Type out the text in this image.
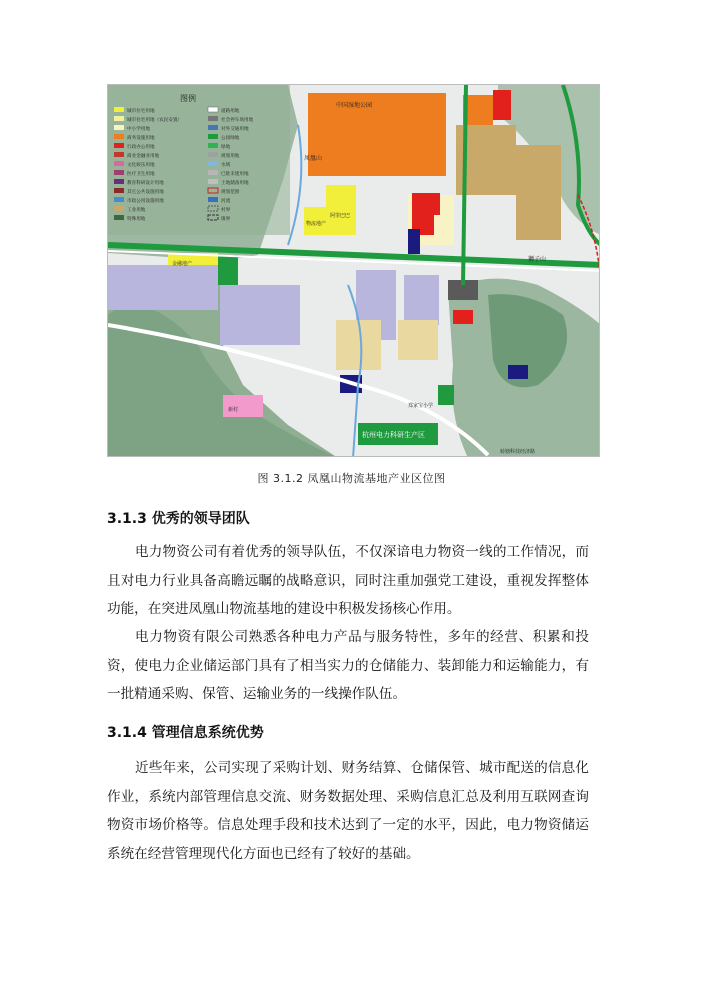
图例
中国湿地公园
凤凰山
狮子山
杭州电力科研生产区
郑家宝小学
阿里巴巴
物流地产
金融地产
新村
转塘科技经济路
城市住宅用地
城市住宅用地（农民安置）
中小学用地
商务设施用地
行政办公用地
商业金融业用地
文化娱乐用地
医疗卫生用地
教育科研设计用地
其它公共设施用地
市政公用设施用地
工业用地
特殊用地
道路用地
社会停车场用地
对外交通用地
公园绿地
绿地
规划用地
水域
已批未建用地
土地储备用地
规划范围
河流
村界
镇界
图 3.1.2 凤凰山物流基地产业区位图
3.1.3 优秀的领导团队

电力物资公司有着优秀的领导队伍，不仅深谙电力物资一线的工作情况，而且对电力行业具备高瞻远瞩的战略意识，同时注重加强党工建设，重视发挥整体功能，在突进凤凰山物流基地的建设中积极发扬核心作用。

电力物资有限公司熟悉各种电力产品与服务特性，多年的经营、积累和投资，使电力企业储运部门具有了相当实力的仓储能力、装卸能力和运输能力，有一批精通采购、保管、运输业务的一线操作队伍。

3.1.4 管理信息系统优势

近些年来，公司实现了采购计划、财务结算、仓储保管、城市配送的信息化作业，系统内部管理信息交流、财务数据处理、采购信息汇总及利用互联网查询物资市场价格等。信息处理手段和技术达到了一定的水平，因此，电力物资储运系统在经营管理现代化方面也已经有了较好的基础。
